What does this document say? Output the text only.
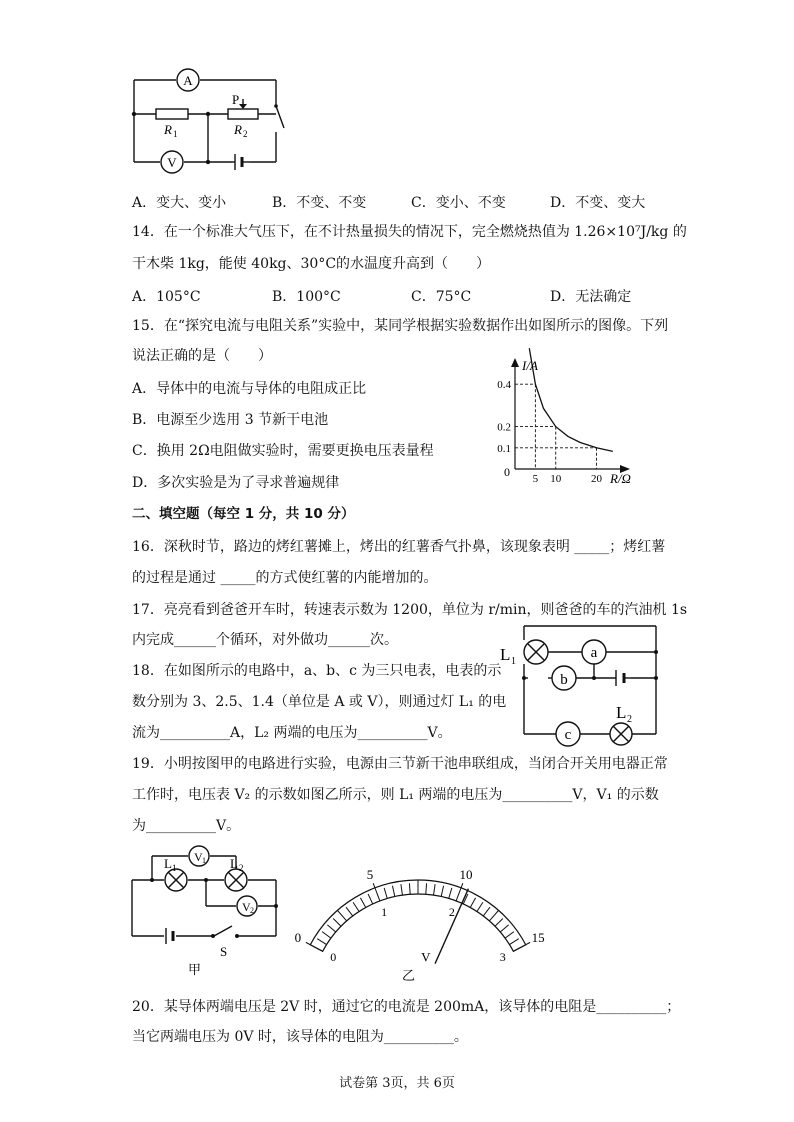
A
R 1
P
R 2
V
A．变大、变小	B．不变、不变	C．变小、不变	D．不变、变大
14．在一个标准大气压下，在不计热量损失的情况下，完全燃烧热值为 1.26×10⁷J/kg 的
干木柴 1kg，能使 40kg、30°C的水温度升高到（　　）
A．105°C	B．100°C	C．75°C	D．无法确定
15．在“探究电流与电阻关系”实验中，某同学根据实验数据作出如图所示的图像。下列
说法正确的是（　　）
A．导体中的电流与导体的电阻成正比
B．电源至少选用 3 节新干电池
C．换用 2Ω电阻做实验时，需要更换电压表量程
D．多次实验是为了寻求普遍规律	5 10	20
0.4
0.2
0.1
I/A
R/Ω
0
二、填空题（每空 1 分，共 10 分）
16．深秋时节，路边的烤红薯摊上，烤出的红薯香气扑鼻，该现象表明 _____；烤红薯
的过程是通过 _____的方式使红薯的内能增加的。
17．亮亮看到爸爸开车时，转速表示数为 1200，单位为 r/min，则爸爸的车的汽油机 1s
内完成______个循环，对外做功______次。
18．在如图所示的电路中，a、b、c 为三只电表，电表的示
数分别为 3、2.5、1.4（单位是 A 或 V），则通过灯 L₁ 的电
流为__________A，L₂ 两端的电压为__________V。
L 1
a
b
c
L 2
19．小明按图甲的电路进行实验，电源由三节新干池串联组成，当闭合开关用电器正常
工作时，电压表 V₂ 的示数如图乙所示，则 L₁ 两端的电压为__________V，V₁ 的示数
为__________V。
L 1	L 2
V 1
V 2
S
甲
0
5	10
15
0
1	2
3
V
乙
20．某导体两端电压是 2V 时，通过它的电流是 200mA，该导体的电阻是__________；
当它两端电压为 0V 时，该导体的电阻为__________。
试卷第 3页，共 6页
